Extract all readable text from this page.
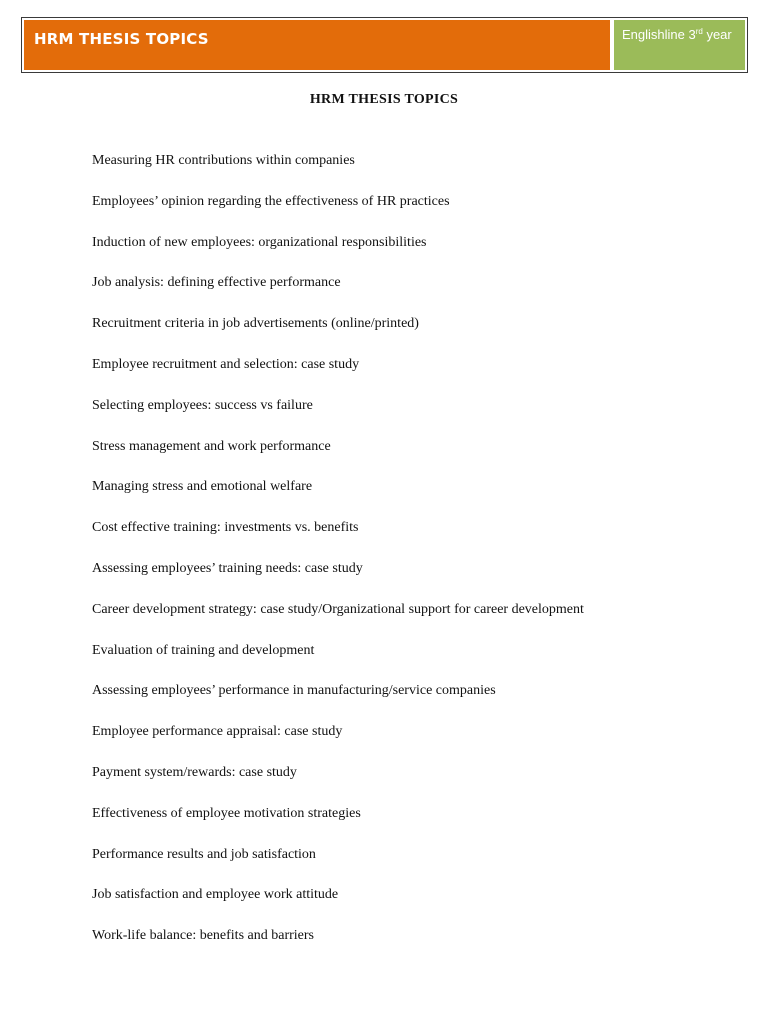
HRM THESIS TOPICS	Englishline 3rd year
HRM THESIS TOPICS
Measuring HR contributions within companies
Employees’ opinion regarding the effectiveness of HR practices
Induction of new employees: organizational responsibilities
Job analysis: defining effective performance
Recruitment criteria in job advertisements (online/printed)
Employee recruitment and selection: case study
Selecting employees: success vs failure
Stress management and work performance
Managing stress and emotional welfare
Cost effective training: investments vs. benefits
Assessing employees’ training needs: case study
Career development strategy: case study/Organizational support for career development
Evaluation of training and development
Assessing employees’ performance in manufacturing/service companies
Employee performance appraisal: case study
Payment system/rewards: case study
Effectiveness of employee motivation strategies
Performance results and job satisfaction
Job satisfaction and employee work attitude
Work-life balance: benefits and barriers
